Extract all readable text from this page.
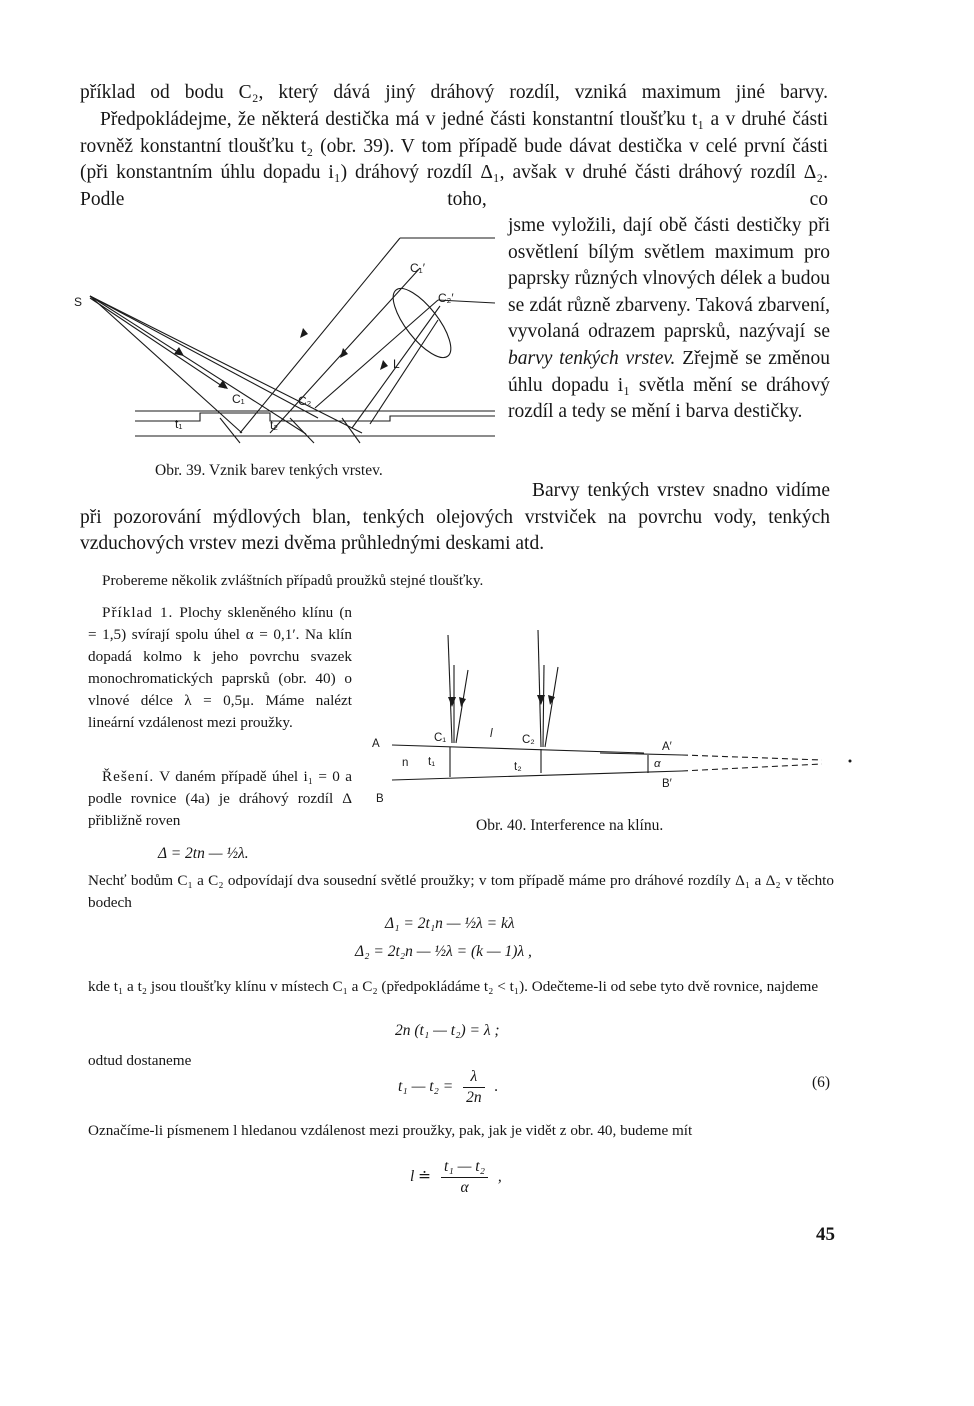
příklad od bodu C₂, který dává jiný dráhový rozdíl, vzniká maximum jiné barvy.

Předpokládejme, že některá destička má v jedné části konstantní tloušťku t₁ a v druhé části rovněž konstantní tloušťku t₂ (obr. 39). V tom případě bude dávat destička v celé první části (při konstantním úhlu dopadu i₁) dráhový rozdíl Δ₁, avšak v druhé části dráhový rozdíl Δ₂. Podle toho, co

jsme vyložili, dají obě části destičky při osvětlení bílým světlem maximum pro paprsky různých vlnových délek a budou se zdát různě zbarveny. Taková zbarvení, vyvolaná odrazem paprsků, nazývají se barvy tenkých vrstev. Zřejmě se změnou úhlu dopadu i₁ světla mění se dráhový rozdíl a tedy se mění i barva destičky.

S
C₁′
C₂′
L
C₁	C₂
t₁	t₂
Obr. 39. Vznik barev tenkých vrstev.

Barvy tenkých vrstev snadno vidíme při pozorování mýdlových blan, tenkých olejových vrstviček na povrchu vody, tenkých vzduchových vrstev mezi dvěma průhlednými deskami atd.

Probereme několik zvláštních případů proužků stejné tloušťky.

Příklad 1. Plochy skleněného klínu (n = 1,5) svírají spolu úhel α = 0,1′. Na klín dopadá kolmo k jeho povrchu svazek monochromatických paprsků (obr. 40) o vlnové délce λ = 0,5μ. Máme nalézt lineární vzdálenost mezi proužky.

Řešení. V daném případě úhel i₁ = 0 a podle rovnice (4a) je dráhový rozdíl Δ přibližně roven

Δ = 2tn — ½λ.
A
B
n
C₁	C₂
l
t₁	t₂
A′
B′
α
Obr. 40. Interference na klínu.

Nechť bodům C₁ a C₂ odpovídají dva sousední světlé proužky; v tom případě máme pro dráhové rozdíly Δ₁ a Δ₂ v těchto bodech

Δ₁ = 2t₁n — ½λ = kλ
Δ₂ = 2t₂n — ½λ = (k — 1)λ ,

kde t₁ a t₂ jsou tloušťky klínu v místech C₁ a C₂ (předpokládáme t₂ < t₁). Odečteme-li od sebe tyto dvě rovnice, najdeme

2n (t₁ — t₂) = λ ;

odtud dostaneme

t₁ — $t_2 = \frac{\lambda}{2n}$ .	(6)

Označíme-li písmenem l hledanou vzdálenost mezi proužky, pak, jak je vidět z obr. 40, budeme mít

l ≐ $\frac{\text{t₁ — t₂}}{\alpha}$ ,
45
